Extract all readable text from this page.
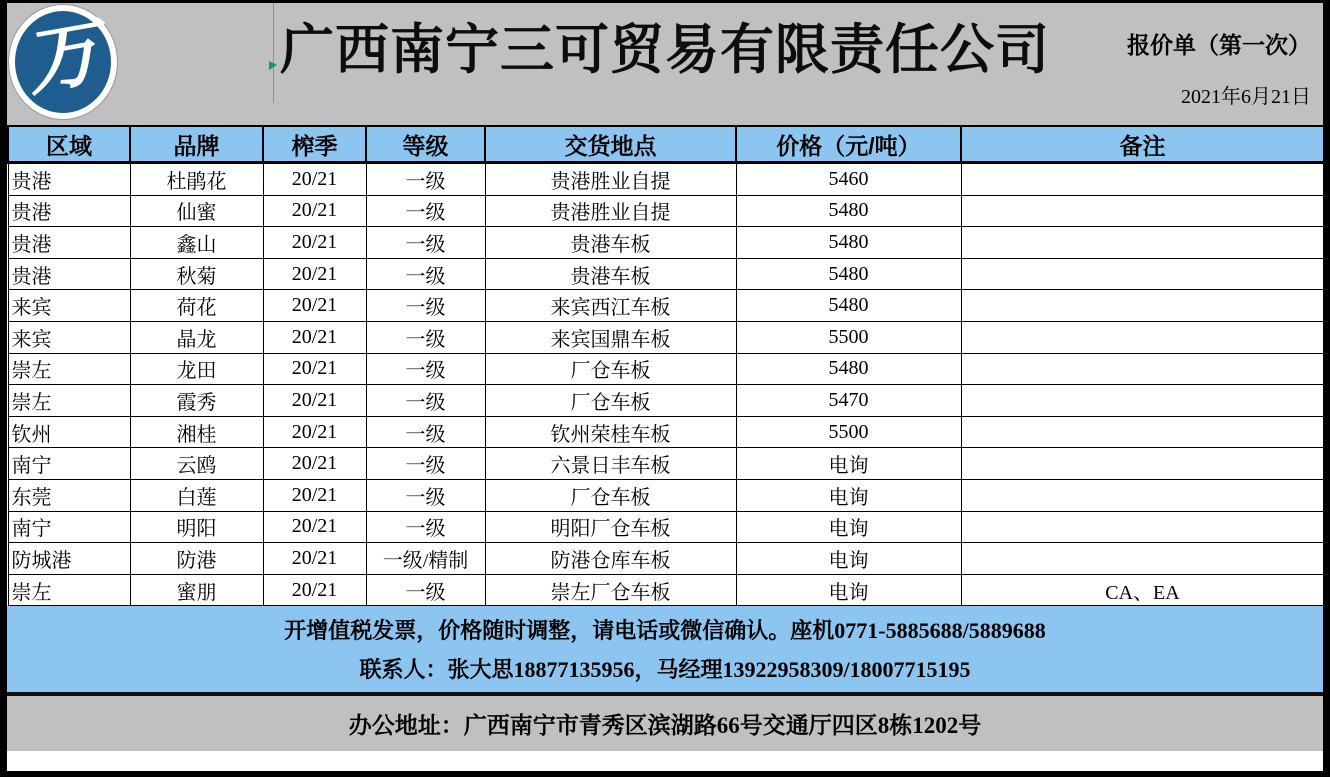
万	广西南宁三可贸易有限责任公司	报价单（第一次）
2021年6月21日
区域	品牌	榨季	等级	交货地点	价格（元/吨）	备注
贵港	杜鹃花	20/21	一级	贵港胜业自提	5460	
贵港	仙蜜	20/21	一级	贵港胜业自提	5480	
贵港	鑫山	20/21	一级	贵港车板	5480	
贵港	秋菊	20/21	一级	贵港车板	5480	
来宾	荷花	20/21	一级	来宾西江车板	5480	
来宾	晶龙	20/21	一级	来宾国鼎车板	5500	
崇左	龙田	20/21	一级	厂仓车板	5480	
崇左	霞秀	20/21	一级	厂仓车板	5470	
钦州	湘桂	20/21	一级	钦州荣桂车板	5500	
南宁	云鸥	20/21	一级	六景日丰车板	电询	
东莞	白莲	20/21	一级	厂仓车板	电询	
南宁	明阳	20/21	一级	明阳厂仓车板	电询	
防城港	防港	20/21	一级/精制	防港仓库车板	电询	
崇左	蜜朋	20/21	一级	崇左厂仓车板	电询	CA、EA
开增值税发票，价格随时调整，请电话或微信确认。座机0771-5885688/5889688
联系人：张大思18877135956，马经理13922958309/18007715195
办公地址：广西南宁市青秀区滨湖路66号交通厅四区8栋1202号
